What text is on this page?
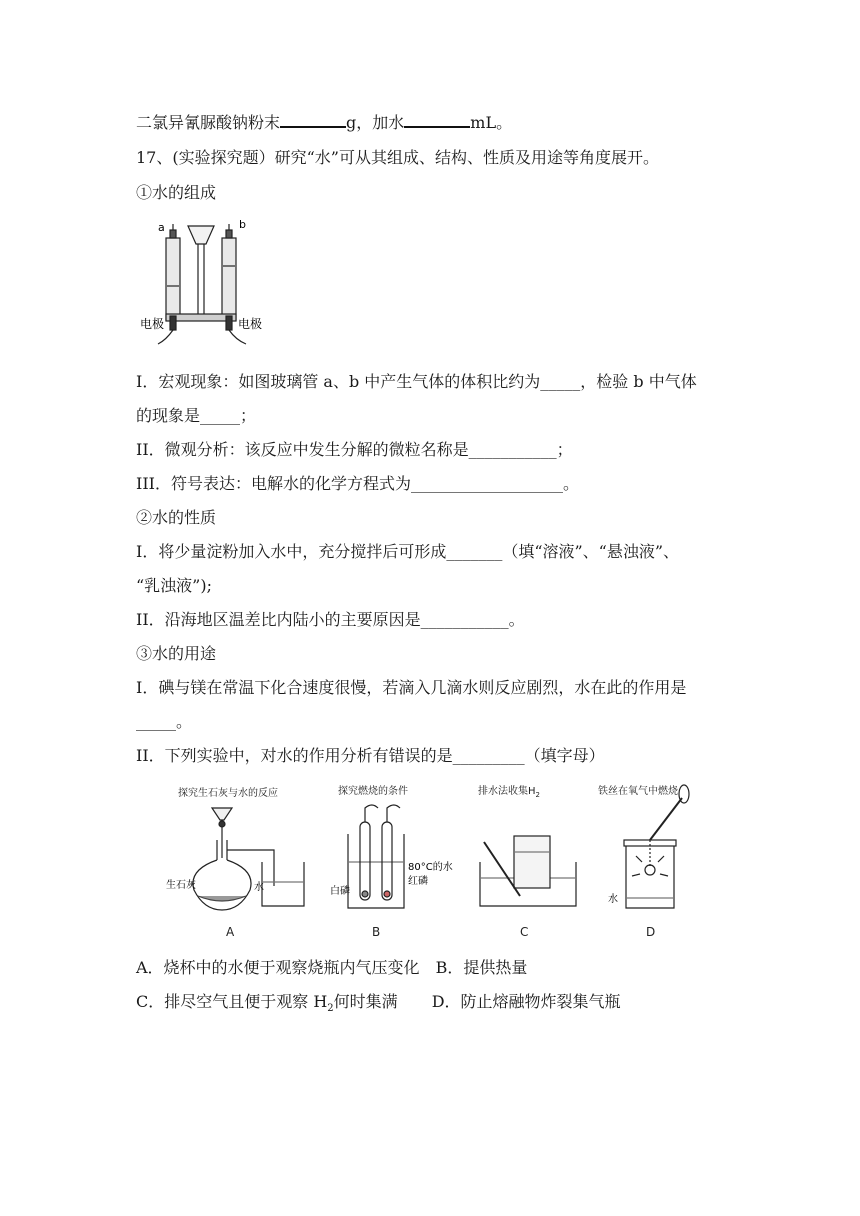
二氯异氰脲酸钠粉末	g，加水	mL。
17、(实验探究题）研究“水”可从其组成、结构、性质及用途等角度展开。
①水的组成
a	b
电极	电极
I．宏观现象：如图玻璃管 a、b 中产生气体的体积比约为_____，检验 b 中气体
的现象是_____；
II．微观分析：该反应中发生分解的微粒名称是___________；
III．符号表达：电解水的化学方程式为___________________。
②水的性质
I．将少量淀粉加入水中，充分搅拌后可形成_______（填“溶液”、“悬浊液”、
“乳浊液”);
II．沿海地区温差比内陆小的主要原因是___________。
③水的用途
I．碘与镁在常温下化合速度很慢，若滴入几滴水则反应剧烈，水在此的作用是
_____。
II．下列实验中，对水的作用分析有错误的是_________（填字母）
探究生石灰与水的反应	探究燃烧的条件	排水法收集$H_2$	铁丝在氧气中燃烧
生石灰	水	白磷
80°C的水
红磷
水
A	B	C	D
A．烧杯中的水便于观察烧瓶内气压变化 B．提供热量
C．排尽空气且便于观察 $H_2$何时集满 D．防止熔融物炸裂集气瓶
